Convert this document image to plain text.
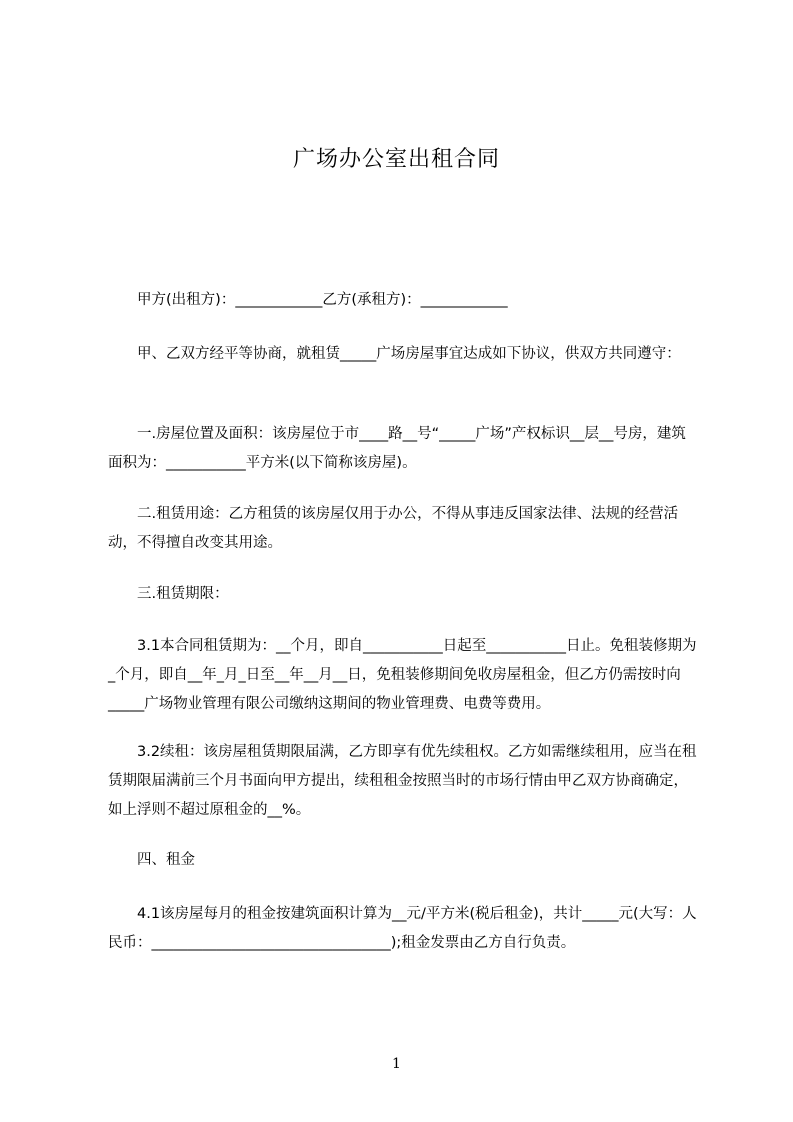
广场办公室出租合同

　　甲方(出租方)：____________乙方(承租方)：____________

　　甲、乙双方经平等协商，就租赁_____广场房屋事宜达成如下协议，供双方共同遵守：

　　一.房屋位置及面积：该房屋位于市____路__号“_____广场”产权标识__层__号房，建筑面积为：___________平方米(以下简称该房屋)。

　　二.租赁用途：乙方租赁的该房屋仅用于办公，不得从事违反国家法律、法规的经营活动，不得擅自改变其用途。

　　三.租赁期限：

　　3.1本合同租赁期为：__个月，即自___________日起至___________日止。免租装修期为_个月，即自__年_月_日至__年__月__日，免租装修期间免收房屋租金，但乙方仍需按时向_____广场物业管理有限公司缴纳这期间的物业管理费、电费等费用。

　　3.2续租：该房屋租赁期限届满，乙方即享有优先续租权。乙方如需继续租用，应当在租赁期限届满前三个月书面向甲方提出，续租租金按照当时的市场行情由甲乙双方协商确定，如上浮则不超过原租金的__%。

　　四、租金

　　4.1该房屋每月的租金按建筑面积计算为__元/平方米(税后租金)，共计_____元(大写：人民币：_________________________________);租金发票由乙方自行负责。

1
